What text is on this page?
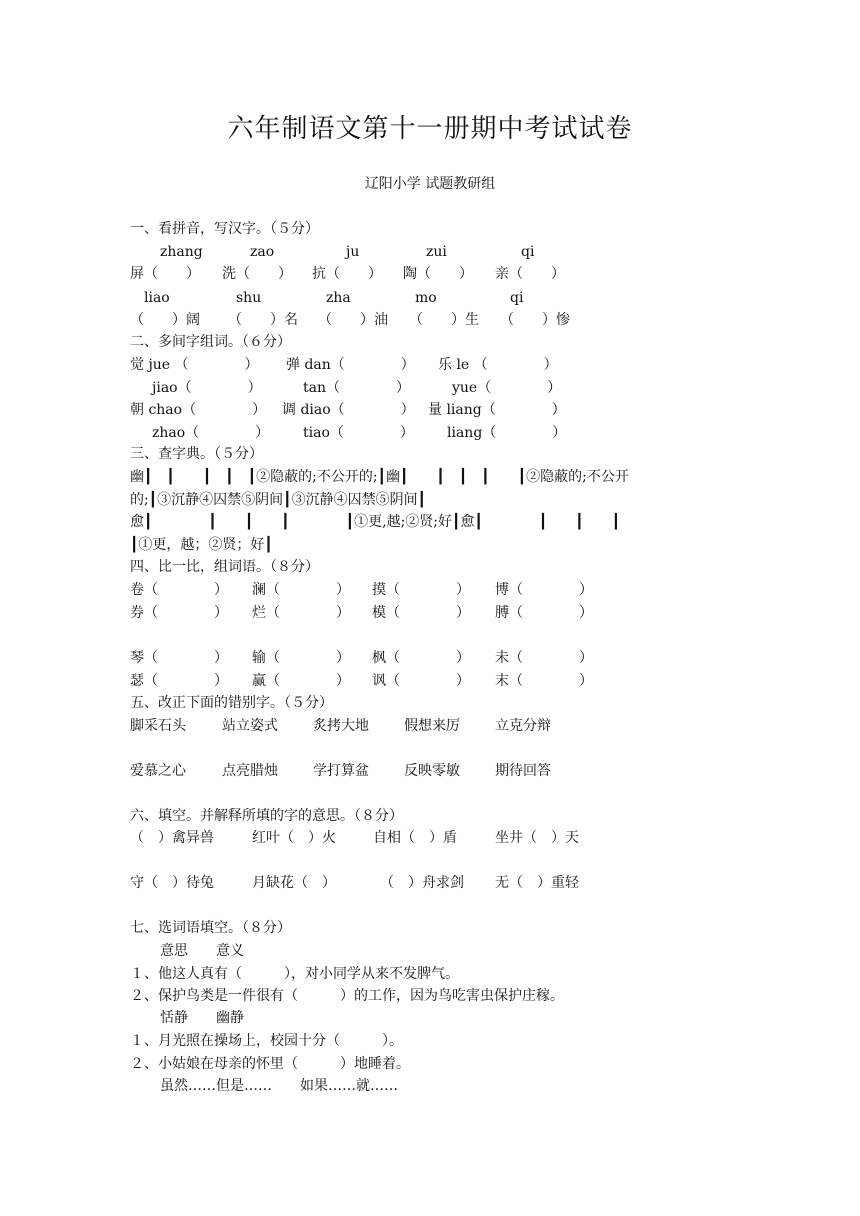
六年制语文第十一册期中考试试卷
辽阳小学 试题教研组
一、看拼音，写汉字。（５分）
zhang	zao	ju	zui	qi
屏（　　） 洗（　　） 抗（　　） 陶（　　） 亲（　　）
liao	shu	zha	mo	qi
（　　）阔 （　　）名 （　　）油 （　　）生 （　　）惨
二、多间字组词。（６分）
觉 jue （　　　　） 弹 dan（　　　　） 乐 le （　　　　）
jiao（　　　　）	tan（　　　　）	yue（　　　　）
朝 chao（　　　　） 调 diao（　　　　） 量 liang（　　　　）
zhao（　　　　） tiao（　　　　） liang（　　　　）
三、查字典。（５分）
幽┃　┃　　┃　┃　┃②隐蔽的;不公开的;┃幽┃　　┃　┃　┃　　┃②隐蔽的;不公开
的;┃③沉静④囚禁⑤阴间┃③沉静④囚禁⑤阴间┃
愈┃　　　　┃　　┃　　┃　　　　┃①更,越;②贤;好┃愈┃　　　　┃　　┃　　┃
┃①更，越；②贤；好┃
四、比一比，组词语。（８分）
卷（　　　　） 澜（　　　　） 摸（　　　　） 博（　　　　）
券（　　　　） 烂（　　　　） 模（　　　　） 膊（　　　　）
琴（　　　　） 输（　　　　） 枫（　　　　） 未（　　　　）
瑟（　　　　） 赢（　　　　） 讽（　　　　） 末（　　　　）
五、改正下面的错别字。（５分）
脚采石头	站立姿式	炙拷大地	假想来厉	立克分辩
爱慕之心	点亮腊烛	学打算盆	反映零敏	期待回答
六、填空。并解释所填的字的意思。（８分）
（　）禽异兽	红叶（　）火	自相（　）盾	坐井（　）天
守（　）待兔	月缺花（　）	（　）舟求剑 无（　）重轻
七、选词语填空。（８分）
意思　　意义
１、他这人真有（　　　），对小同学从来不发脾气。
２、保护鸟类是一件很有（　　　）的工作，因为鸟吃害虫保护庄稼。
恬静　　幽静
１、月光照在操场上，校园十分（　　　）。
２、小姑娘在母亲的怀里（　　　）地睡着。
虽然……但是……　　如果……就……
